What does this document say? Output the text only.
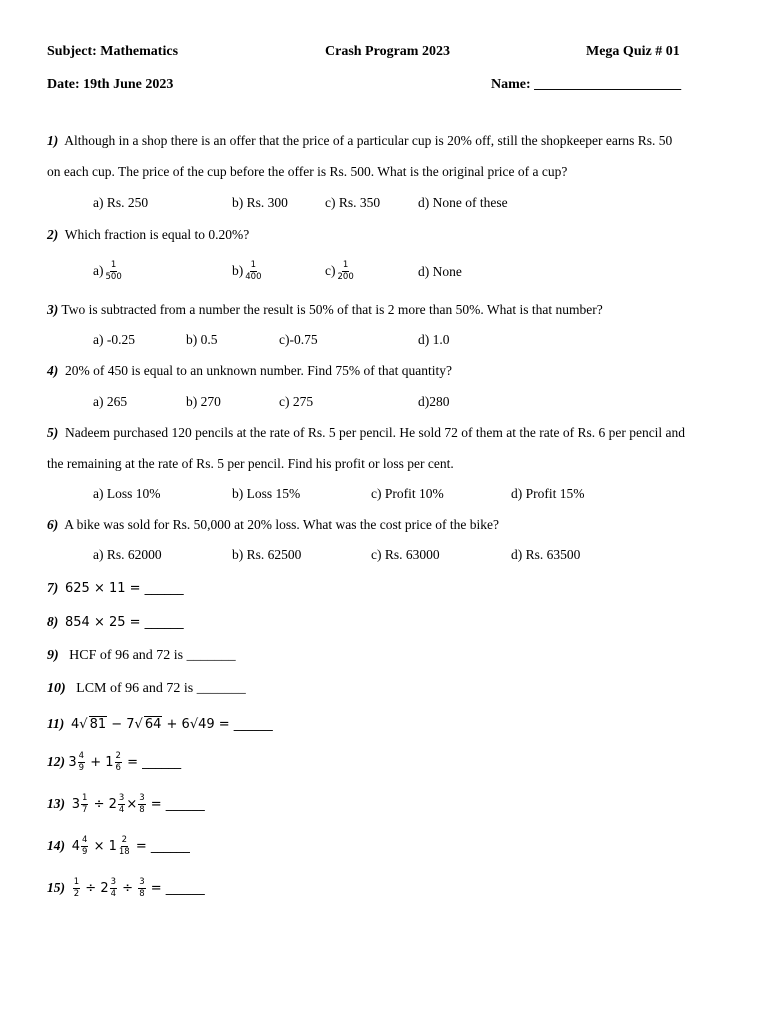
Subject: Mathematics	Crash Program 2023	Mega Quiz # 01
Date: 19th June 2023	Name: _____________________
1) Although in a shop there is an offer that the price of a particular cup is 20% off, still the shopkeeper earns Rs. 50
on each cup. The price of the cup before the offer is Rs. 500. What is the original price of a cup?
a) Rs. 250	b) Rs. 300	c) Rs. 350	d) None of these
2) Which fraction is equal to 0.20%?
$a) \frac{1}{500}$	$b) \frac{1}{400}$	$c) \frac{1}{200}$	d) None
3) Two is subtracted from a number the result is 50% of that is 2 more than 50%. What is that number?
a) -0.25	b) 0.5	c)-0.75	d) 1.0
4) 20% of 450 is equal to an unknown number. Find 75% of that quantity?
a) 265	b) 270	c) 275	d)280
5) Nadeem purchased 120 pencils at the rate of Rs. 5 per pencil. He sold 72 of them at the rate of Rs. 6 per pencil and
the remaining at the rate of Rs. 5 per pencil. Find his profit or loss per cent.
a) Loss 10%	b) Loss 15%	c) Profit 10%	d) Profit 15%
6) A bike was sold for Rs. 50,000 at 20% loss. What was the cost price of the bike?
a) Rs. 62000	b) Rs. 62500	c) Rs. 63000	d) Rs. 63500
7)
625 × 11 = ______
8)
854 × 25 = ______
9) HCF of 96 and 72 is _______
10) LCM of 96 and 72 is _______
11)
4√ 81 − 7√ 64 + 6√49 = ______
12)
$3 \frac{4}{9} + 1 \frac{2}{6}$ = ______
13)
$3 \frac{1}{7} \div 2 \frac{3}{4} \times \frac{3}{8}$ = ______
14)
$4 \frac{4}{9} \times 1 \frac{2}{18}$ = ______
15)
$\frac{1}{2} \div 2 \frac{3}{4} \div \frac{3}{8}$ = ______
